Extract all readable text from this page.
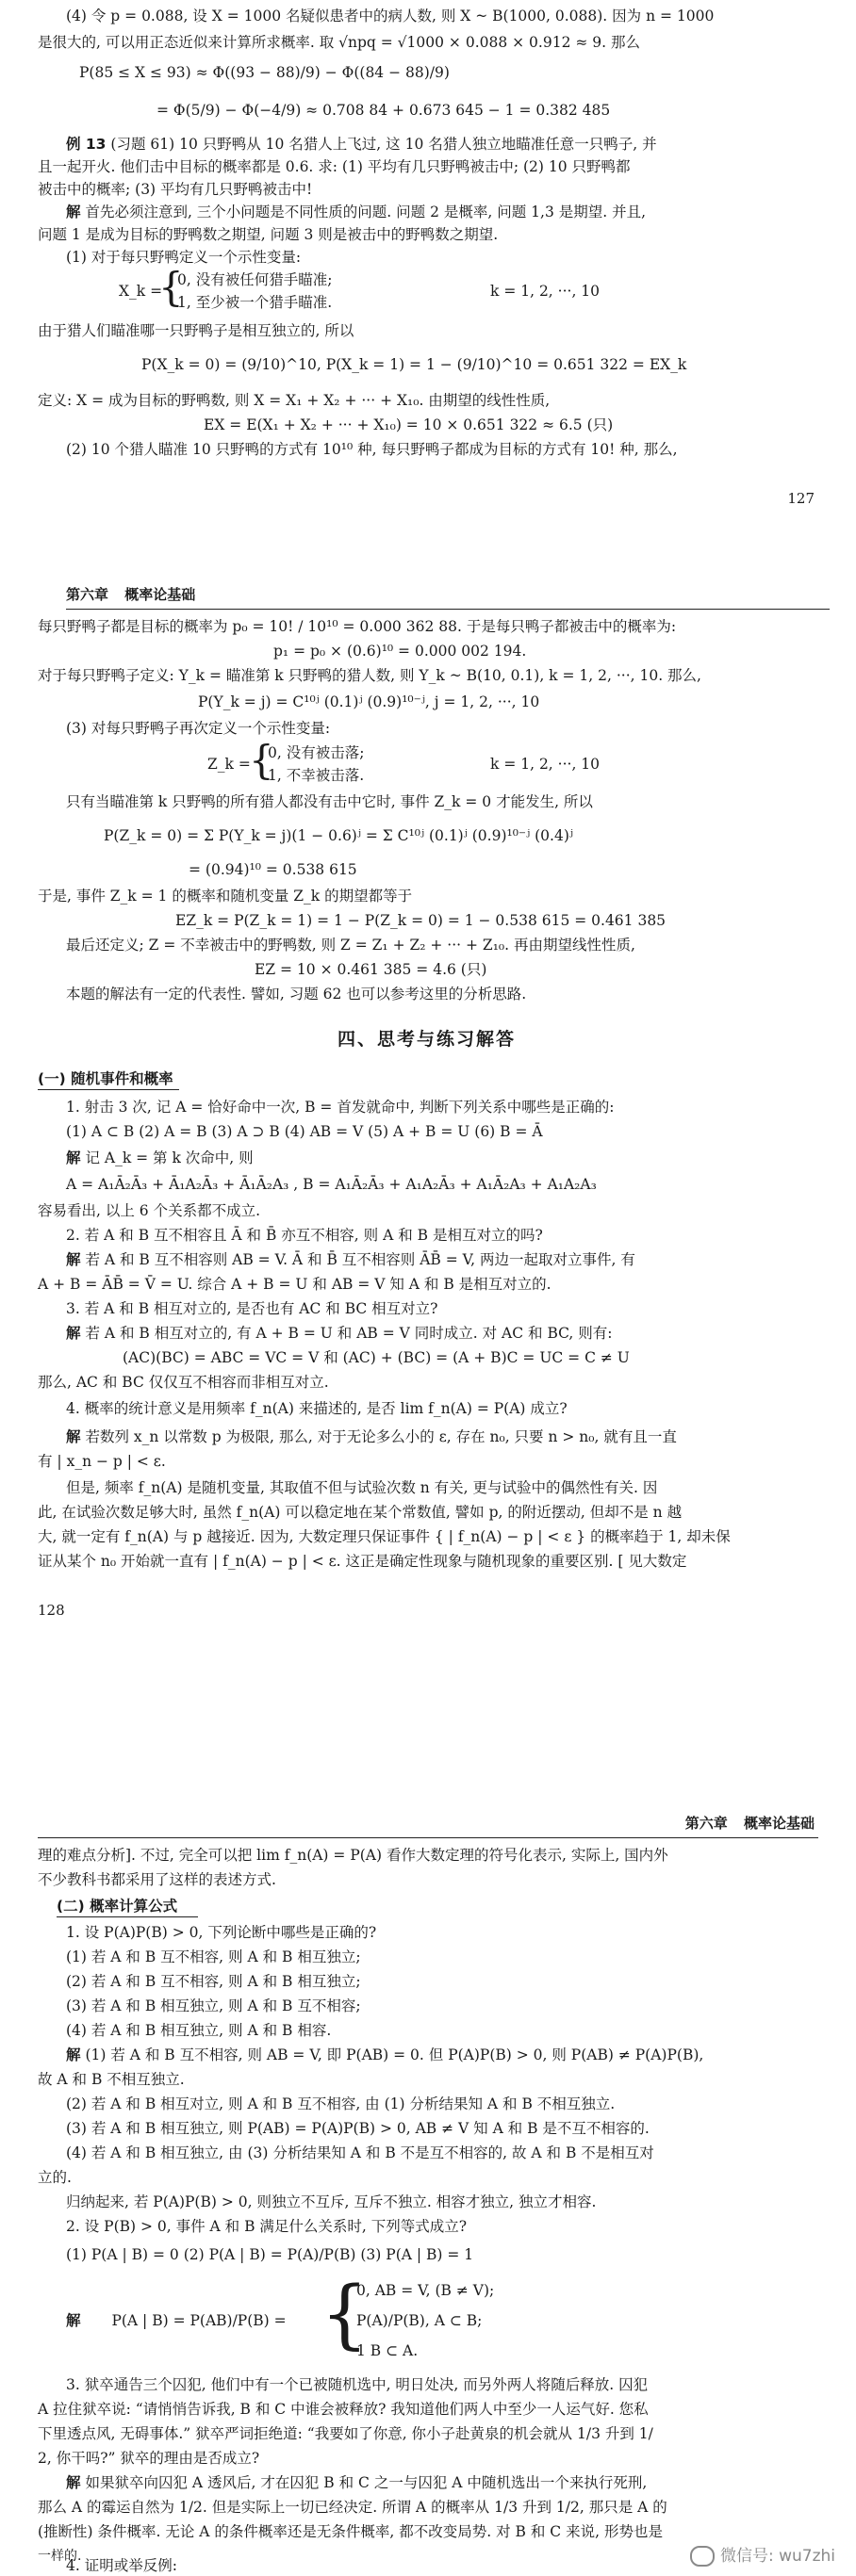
(4) 令 p = 0.088, 设 X = 1000 名疑似患者中的病人数, 则 X ~ B(1000, 0.088). 因为 n = 1000
是很大的, 可以用正态近似来计算所求概率. 取 √npq = √1000 × 0.088 × 0.912 ≈ 9. 那么
P(85 ≤ X ≤ 93) ≈ Φ((93 − 88)/9) − Φ((84 − 88)/9)
= Φ(5/9) − Φ(−4/9) ≈ 0.708 84 + 0.673 645 − 1 = 0.382 485
例 13 (习题 61) 10 只野鸭从 10 名猎人上飞过, 这 10 名猎人独立地瞄准任意一只鸭子, 并
且一起开火. 他们击中目标的概率都是 0.6. 求: (1) 平均有几只野鸭被击中; (2) 10 只野鸭都
被击中的概率; (3) 平均有几只野鸭被击中!
解 首先必须注意到, 三个小问题是不同性质的问题. 问题 2 是概率, 问题 1,3 是期望. 并且,
问题 1 是成为目标的野鸭数之期望, 问题 3 则是被击中的野鸭数之期望.
(1) 对于每只野鸭定义一个示性变量:
X_k =
{
0, 没有被任何猎手瞄准;
1, 至少被一个猎手瞄准.
k = 1, 2, ···, 10
由于猎人们瞄准哪一只野鸭子是相互独立的, 所以
P(X_k = 0) = (9/10)^10, P(X_k = 1) = 1 − (9/10)^10 = 0.651 322 = EX_k
定义: X = 成为目标的野鸭数, 则 X = X₁ + X₂ + ··· + X₁₀. 由期望的线性性质,
EX = E(X₁ + X₂ + ··· + X₁₀) = 10 × 0.651 322 ≈ 6.5 (只)
(2) 10 个猎人瞄准 10 只野鸭的方式有 10¹⁰ 种, 每只野鸭子都成为目标的方式有 10! 种, 那么,
127
第六章 概率论基础
每只野鸭子都是目标的概率为 p₀ = 10! / 10¹⁰ = 0.000 362 88. 于是每只鸭子都被击中的概率为:
p₁ = p₀ × (0.6)¹⁰ = 0.000 002 194.
对于每只野鸭子定义: Y_k = 瞄准第 k 只野鸭的猎人数, 则 Y_k ~ B(10, 0.1), k = 1, 2, ···, 10. 那么,
P(Y_k = j) = C¹⁰ʲ (0.1)ʲ (0.9)¹⁰⁻ʲ, j = 1, 2, ···, 10
(3) 对每只野鸭子再次定义一个示性变量:
Z_k =
{
0, 没有被击落;
1, 不幸被击落.
k = 1, 2, ···, 10
只有当瞄准第 k 只野鸭的所有猎人都没有击中它时, 事件 Z_k = 0 才能发生, 所以
P(Z_k = 0) = Σ P(Y_k = j)(1 − 0.6)ʲ = Σ C¹⁰ʲ (0.1)ʲ (0.9)¹⁰⁻ʲ (0.4)ʲ
= (0.94)¹⁰ = 0.538 615
于是, 事件 Z_k = 1 的概率和随机变量 Z_k 的期望都等于
EZ_k = P(Z_k = 1) = 1 − P(Z_k = 0) = 1 − 0.538 615 = 0.461 385
最后还定义; Z = 不幸被击中的野鸭数, 则 Z = Z₁ + Z₂ + ··· + Z₁₀. 再由期望线性性质,
EZ = 10 × 0.461 385 = 4.6 (只)
本题的解法有一定的代表性. 譬如, 习题 62 也可以参考这里的分析思路.
四、思考与练习解答
(一) 随机事件和概率
1. 射击 3 次, 记 A = 恰好命中一次, B = 首发就命中, 判断下列关系中哪些是正确的:
(1) A ⊂ B (2) A = B (3) A ⊃ B (4) AB = V (5) A + B = U (6) B = Ā
解 记 A_k = 第 k 次命中, 则
A = A₁Ā₂Ā₃ + Ā₁A₂Ā₃ + Ā₁Ā₂A₃ , B = A₁Ā₂Ā₃ + A₁A₂Ā₃ + A₁Ā₂A₃ + A₁A₂A₃
容易看出, 以上 6 个关系都不成立.
2. 若 A 和 B 互不相容且 Ā 和 B̄ 亦互不相容, 则 A 和 B 是相互对立的吗?
解 若 A 和 B 互不相容则 AB = V. Ā 和 B̄ 互不相容则 ĀB̄ = V, 两边一起取对立事件, 有
A + B = ĀB̄ = V̄ = U. 综合 A + B = U 和 AB = V 知 A 和 B 是相互对立的.
3. 若 A 和 B 相互对立的, 是否也有 AC 和 BC 相互对立?
解 若 A 和 B 相互对立的, 有 A + B = U 和 AB = V 同时成立. 对 AC 和 BC, 则有:
(AC)(BC) = ABC = VC = V 和 (AC) + (BC) = (A + B)C = UC = C ≠ U
那么, AC 和 BC 仅仅互不相容而非相互对立.
4. 概率的统计意义是用频率 f_n(A) 来描述的, 是否 lim f_n(A) = P(A) 成立?
解 若数列 x_n 以常数 p 为极限, 那么, 对于无论多么小的 ε, 存在 n₀, 只要 n > n₀, 就有且一直
有 | x_n − p | < ε.
但是, 频率 f_n(A) 是随机变量, 其取值不但与试验次数 n 有关, 更与试验中的偶然性有关. 因
此, 在试验次数足够大时, 虽然 f_n(A) 可以稳定地在某个常数值, 譬如 p, 的附近摆动, 但却不是 n 越
大, 就一定有 f_n(A) 与 p 越接近. 因为, 大数定理只保证事件 { | f_n(A) − p | < ε } 的概率趋于 1, 却未保
证从某个 n₀ 开始就一直有 | f_n(A) − p | < ε. 这正是确定性现象与随机现象的重要区别. [ 见大数定
128
第六章 概率论基础
理的难点分析]. 不过, 完全可以把 lim f_n(A) = P(A) 看作大数定理的符号化表示, 实际上, 国内外
不少教科书都采用了这样的表述方式.
(二) 概率计算公式
1. 设 P(A)P(B) > 0, 下列论断中哪些是正确的?
(1) 若 A 和 B 互不相容, 则 A 和 B 相互独立;
(2) 若 A 和 B 互不相容, 则 A 和 B 相互独立;
(3) 若 A 和 B 相互独立, 则 A 和 B 互不相容;
(4) 若 A 和 B 相互独立, 则 A 和 B 相容.
解 (1) 若 A 和 B 互不相容, 则 AB = V, 即 P(AB) = 0. 但 P(A)P(B) > 0, 则 P(AB) ≠ P(A)P(B),
故 A 和 B 不相互独立.
(2) 若 A 和 B 相互对立, 则 A 和 B 互不相容, 由 (1) 分析结果知 A 和 B 不相互独立.
(3) 若 A 和 B 相互独立, 则 P(AB) = P(A)P(B) > 0, AB ≠ V 知 A 和 B 是不互不相容的.
(4) 若 A 和 B 相互独立, 由 (3) 分析结果知 A 和 B 不是互不相容的, 故 A 和 B 不是相互对
立的.
归纳起来, 若 P(A)P(B) > 0, 则独立不互斥, 互斥不独立. 相容才独立, 独立才相容.
2. 设 P(B) > 0, 事件 A 和 B 满足什么关系时, 下列等式成立?
(1) P(A | B) = 0 (2) P(A | B) = P(A)/P(B) (3) P(A | B) = 1
解 P(A | B) = P(AB)/P(B) = {
0, AB = V, (B ≠ V);
P(A)/P(B), A ⊂ B;
1 B ⊂ A.
3. 狱卒通告三个囚犯, 他们中有一个已被随机选中, 明日处决, 而另外两人将随后释放. 囚犯
A 拉住狱卒说: “请悄悄告诉我, B 和 C 中谁会被释放? 我知道他们两人中至少一人运气好. 您私
下里透点风, 无碍事体.” 狱卒严词拒绝道: “我要如了你意, 你小子赴黄泉的机会就从 1/3 升到 1/
2, 你干吗?” 狱卒的理由是否成立?
解 如果狱卒向囚犯 A 透风后, 才在囚犯 B 和 C 之一与囚犯 A 中随机选出一个来执行死刑,
那么 A 的霉运自然为 1/2. 但是实际上一切已经决定. 所谓 A 的概率从 1/3 升到 1/2, 那只是 A 的
(推断性) 条件概率. 无论 A 的条件概率还是无条件概率, 都不改变局势. 对 B 和 C 来说, 形势也是
一样的.	微信号: wu7zhi
4. 证明或举反例:
